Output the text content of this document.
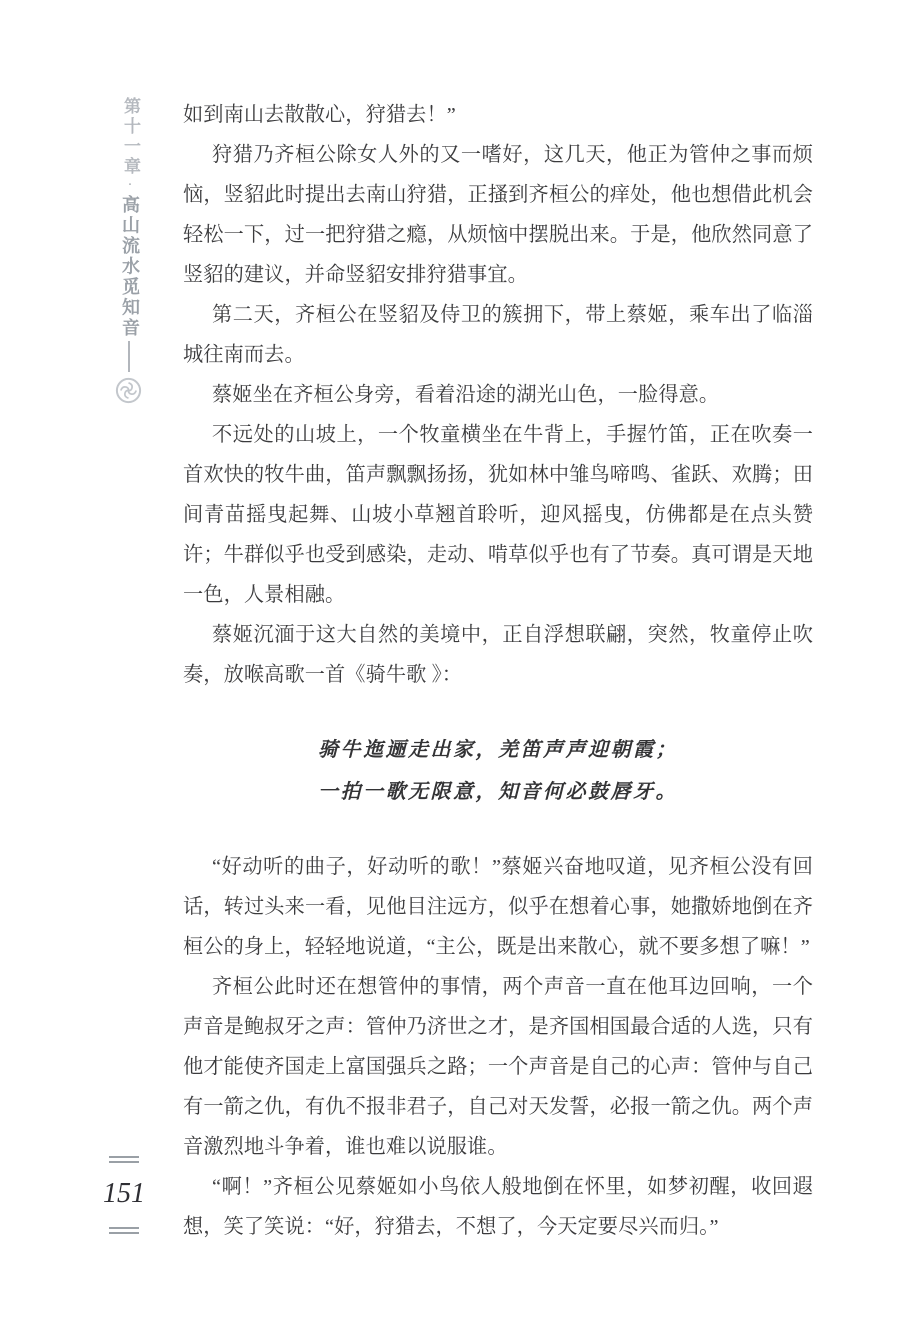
第十一章·高山流水觅知音

如到南山去散散心，狩猎去！”

狩猎乃齐桓公除女人外的又一嗜好，这几天，他正为管仲之事而烦恼，竖貂此时提出去南山狩猎，正搔到齐桓公的痒处，他也想借此机会轻松一下，过一把狩猎之瘾，从烦恼中摆脱出来。于是，他欣然同意了竖貂的建议，并命竖貂安排狩猎事宜。

第二天，齐桓公在竖貂及侍卫的簇拥下，带上蔡姬，乘车出了临淄城往南而去。

蔡姬坐在齐桓公身旁，看着沿途的湖光山色，一脸得意。

不远处的山坡上，一个牧童横坐在牛背上，手握竹笛，正在吹奏一首欢快的牧牛曲，笛声飘飘扬扬，犹如林中雏鸟啼鸣、雀跃、欢腾；田间青苗摇曳起舞、山坡小草翘首聆听，迎风摇曳，仿佛都是在点头赞许；牛群似乎也受到感染，走动、啃草似乎也有了节奏。真可谓是天地一色，人景相融。

蔡姬沉湎于这大自然的美境中，正自浮想联翩，突然，牧童停止吹奏，放喉高歌一首《骑牛歌 》：

骑牛迤逦走出家，羌笛声声迎朝霞；
一拍一歌无限意，知音何必鼓唇牙。

“好动听的曲子，好动听的歌！”蔡姬兴奋地叹道，见齐桓公没有回话，转过头来一看，见他目注远方，似乎在想着心事，她撒娇地倒在齐桓公的身上，轻轻地说道，“主公，既是出来散心，就不要多想了嘛！”

齐桓公此时还在想管仲的事情，两个声音一直在他耳边回响，一个声音是鲍叔牙之声：管仲乃济世之才，是齐国相国最合适的人选，只有他才能使齐国走上富国强兵之路；一个声音是自己的心声：管仲与自己有一箭之仇，有仇不报非君子，自己对天发誓，必报一箭之仇。两个声音激烈地斗争着，谁也难以说服谁。

“啊！”齐桓公见蔡姬如小鸟依人般地倒在怀里，如梦初醒，收回遐想，笑了笑说：“好，狩猎去，不想了，今天定要尽兴而归。”

151
